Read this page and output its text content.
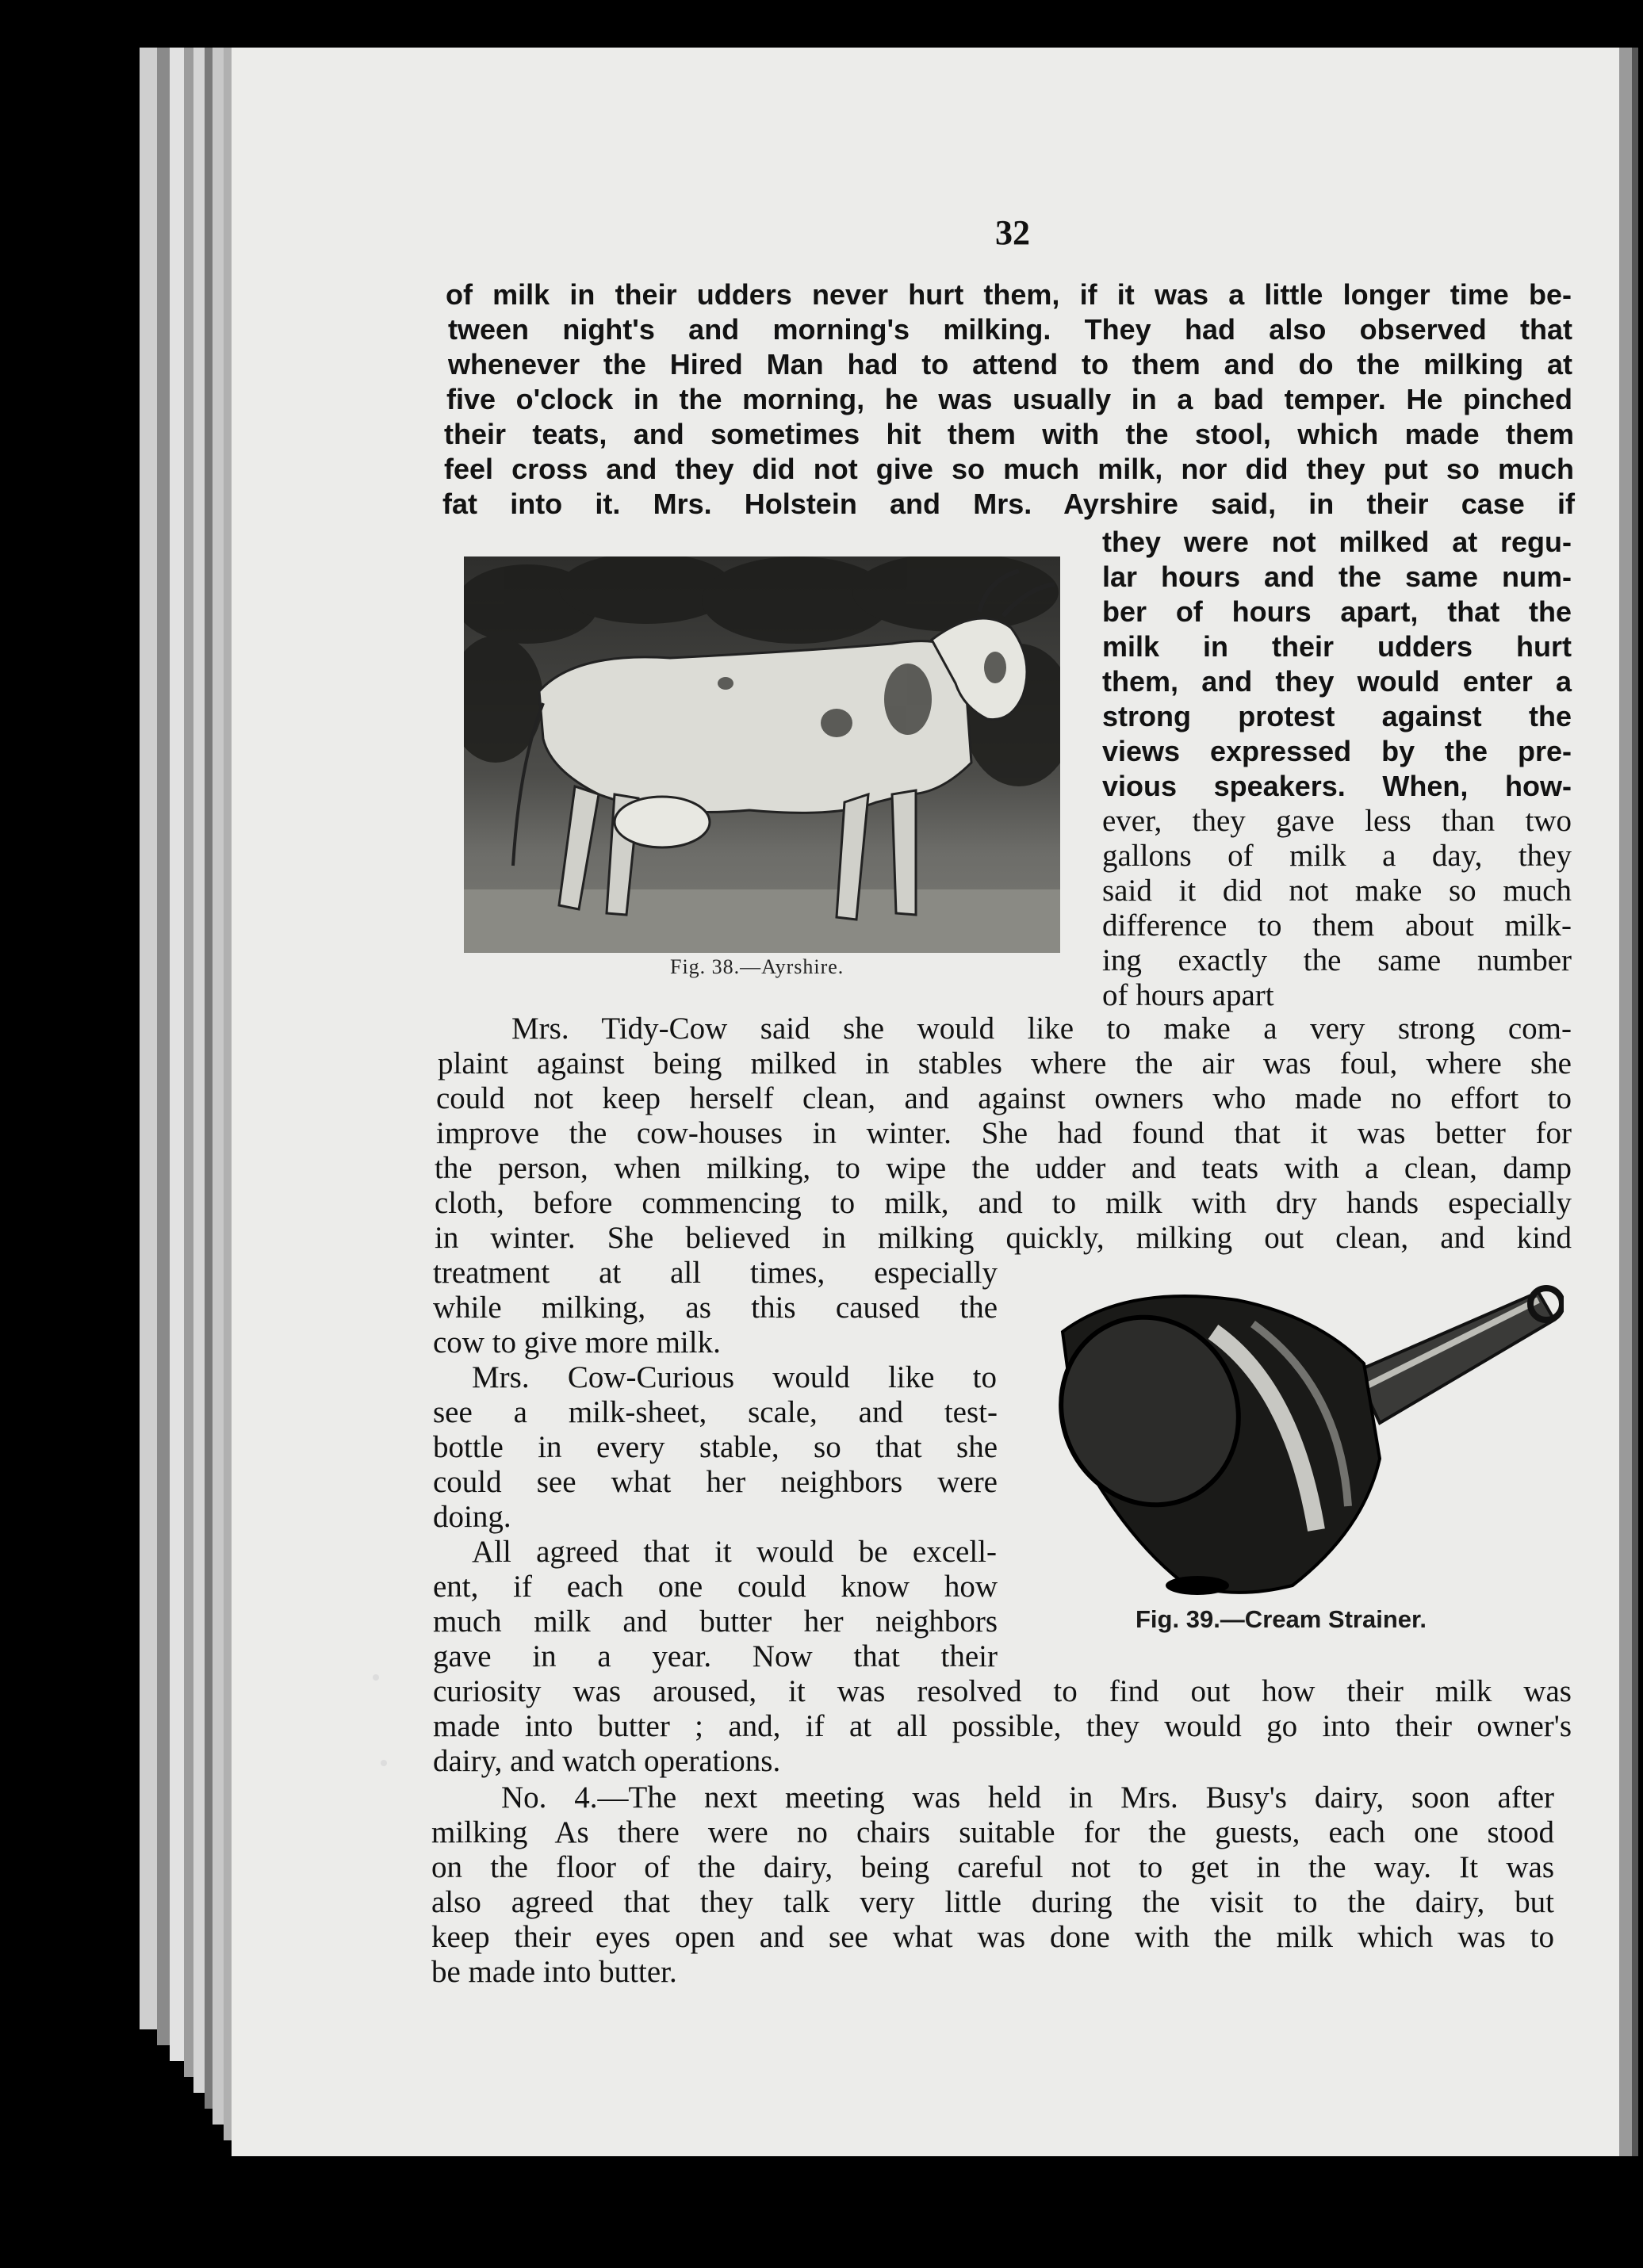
32
Fig. 38.—Ayrshire.
Fig. 39.—Cream Strainer.
of milk in their udders never hurt them, if it was a little longer time be-
tween night's and morning's milking. They had also observed that
whenever the Hired Man had to attend to them and do the milking at
five o'clock in the morning, he was usually in a bad temper. He pinched
their teats, and sometimes hit them with the stool, which made them
feel cross and they did not give so much milk, nor did they put so much
fat into it. Mrs. Holstein and Mrs. Ayrshire said, in their case if
they were not milked at regu-
lar hours and the same num-
ber of hours apart, that the
milk in their udders hurt
them, and they would enter a
strong protest against the
views expressed by the pre-
vious speakers. When, how-
ever, they gave less than two
gallons of milk a day, they
said it did not make so much
difference to them about milk-
ing exactly the same number
of hours apart
Mrs. Tidy-Cow said she would like to make a very strong com-
plaint against being milked in stables where the air was foul, where she
could not keep herself clean, and against owners who made no effort to
improve the cow-houses in winter. She had found that it was better for
the person, when milking, to wipe the udder and teats with a clean, damp
cloth, before commencing to milk, and to milk with dry hands especially
in winter. She believed in milking quickly, milking out clean, and kind
treatment at all times, especially
while milking, as this caused the
cow to give more milk.
Mrs. Cow-Curious would like to
see a milk-sheet, scale, and test-
bottle in every stable, so that she
could see what her neighbors were
doing.
All agreed that it would be excell-
ent, if each one could know how
much milk and butter her neighbors
gave in a year. Now that their
curiosity was aroused, it was resolved to find out how their milk was
made into butter ; and, if at all possible, they would go into their owner's
dairy, and watch operations.
No. 4.—The next meeting was held in Mrs. Busy's dairy, soon after
milking As there were no chairs suitable for the guests, each one stood
on the floor of the dairy, being careful not to get in the way. It was
also agreed that they talk very little during the visit to the dairy, but
keep their eyes open and see what was done with the milk which was to
be made into butter.
